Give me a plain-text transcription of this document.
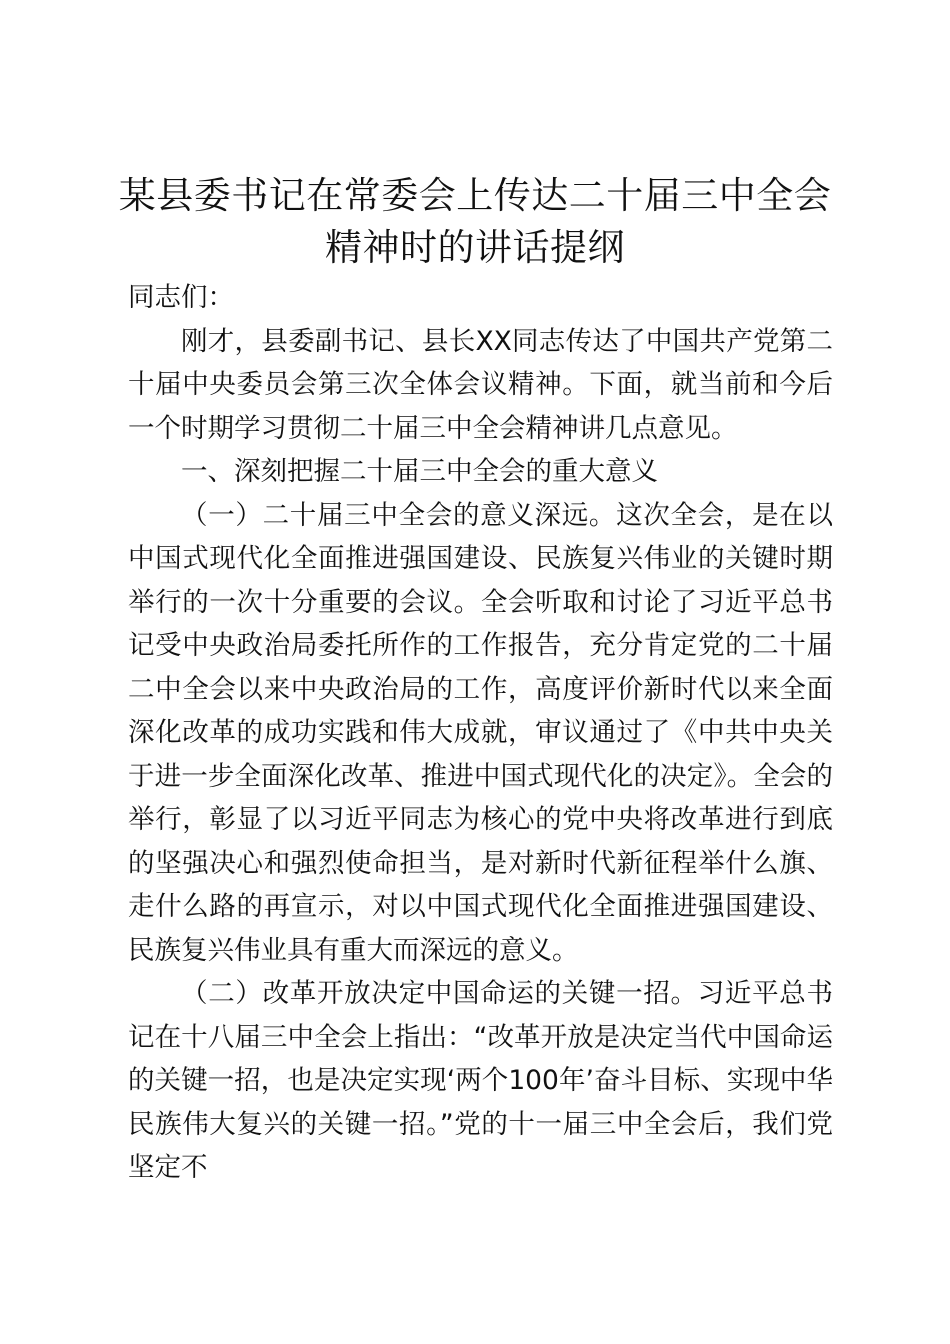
某县委书记在常委会上传达二十届三中全会精神时的讲话提纲

同志们：

刚才，县委副书记、县长XX同志传达了中国共产党第二十届中央委员会第三次全体会议精神。下面，就当前和今后一个时期学习贯彻二十届三中全会精神讲几点意见。

一、深刻把握二十届三中全会的重大意义

（一）二十届三中全会的意义深远。这次全会，是在以中国式现代化全面推进强国建设、民族复兴伟业的关键时期举行的一次十分重要的会议。全会听取和讨论了习近平总书记受中央政治局委托所作的工作报告，充分肯定党的二十届二中全会以来中央政治局的工作，高度评价新时代以来全面深化改革的成功实践和伟大成就，审议通过了《中共中央关于进一步全面深化改革、推进中国式现代化的决定》。全会的举行，彰显了以习近平同志为核心的党中央将改革进行到底的坚强决心和强烈使命担当，是对新时代新征程举什么旗、走什么路的再宣示，对以中国式现代化全面推进强国建设、民族复兴伟业具有重大而深远的意义。

（二）改革开放决定中国命运的关键一招。习近平总书记在十八届三中全会上指出：“改革开放是决定当代中国命运的关键一招，也是决定实现‘两个100年’奋斗目标、实现中华民族伟大复兴的关键一招。”党的十一届三中全会后，我们党坚定不
